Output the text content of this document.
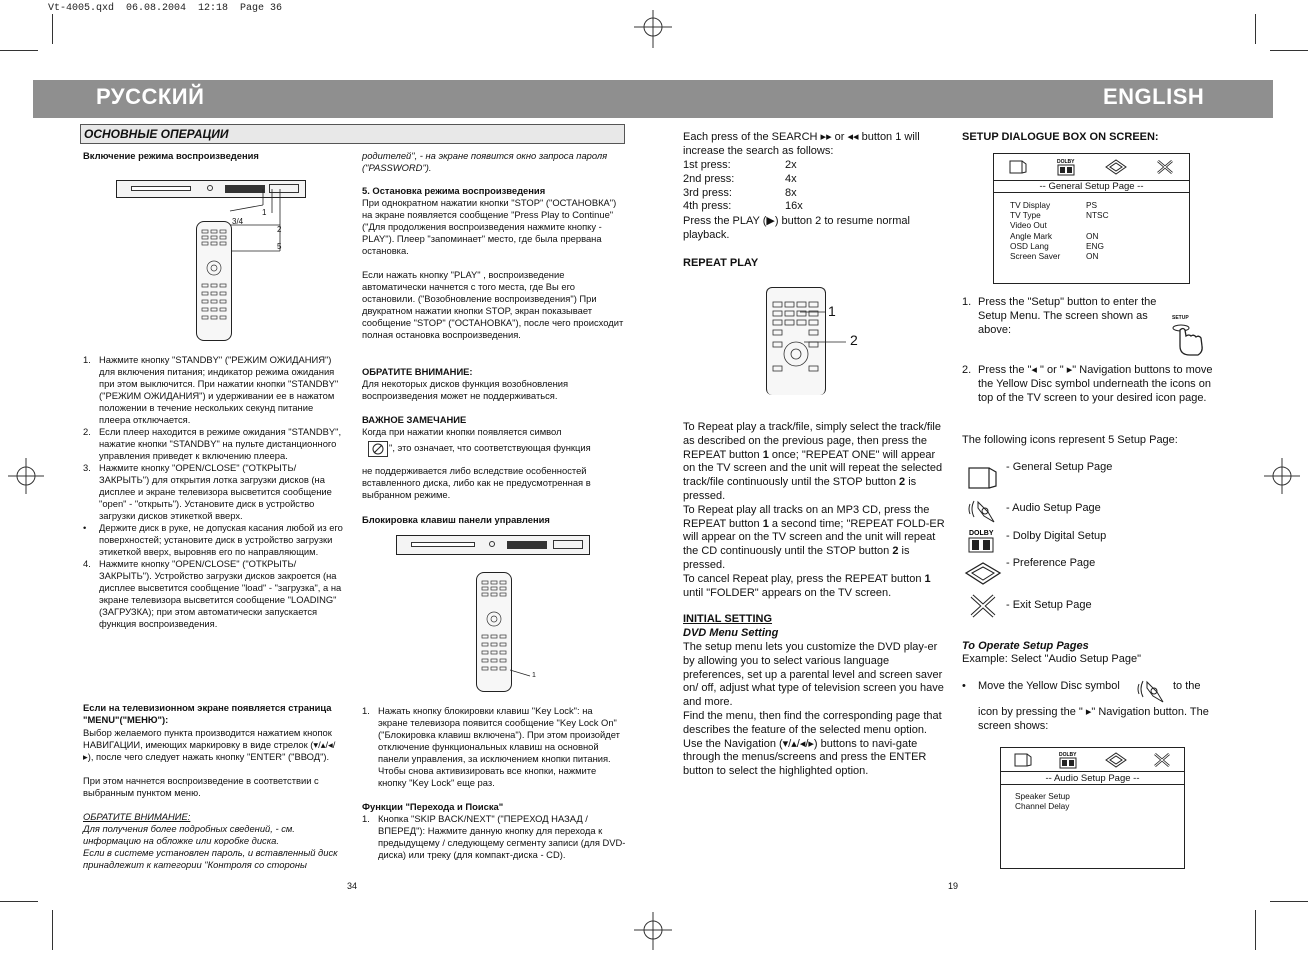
Vt-4005.qxd  06.08.2004  12:18  Page 36
РУССКИЙ	ENGLISH
ОСНОВНЫЕ ОПЕРАЦИИ
Включение режима воспроизведения
3/4
1
2
5
1. Нажмите кнопку "STANDBY" ("РЕЖИМ ОЖИДАНИЯ") для включения питания; индикатор режима ожидания при этом выключится. При нажатии кнопки "STANDBY" ("РЕЖИМ ОЖИДАНИЯ") и удерживании ее в нажатом положении в течение нескольких секунд питание плеера отключается.
2. Если плеер находится в режиме ожидания "STANDBY", нажатие кнопки "STANDBY" на пульте дистанционного управления приведет к включению плеера.
3. Нажмите кнопку "OPEN/CLOSE" ("ОТКРЫТЬ/ЗАКРЫТЬ") для открытия лотка загрузки дисков (на дисплее и экране телевизора высветится сообщение "open" - "открыть"). Установите диск в устройство загрузки дисков этикеткой вверх.
•	Держите диск в руке, не допуская касания любой из его поверхностей; установите диск в устройство загрузки этикеткой вверх, выровняв его по направляющим.
4. Нажмите кнопку "OPEN/CLOSE" ("ОТКРЫТЬ/ЗАКРЫТЬ"). Устройство загрузки дисков закроется (на дисплее высветится сообщение "load" - "загрузка", а на экране телевизора высветится сообщение "LOADING" (ЗАГРУЗКА); при этом автоматически запускается функция воспроизведения.
Если на телевизионном экране появляется страница "MENU"("МЕНЮ"):
Выбор желаемого пункта производится нажатием кнопок НАВИГАЦИИ, имеющих маркировку в виде стрелок (▾/▴/◂/▸), после чего следует нажать кнопку "ENTER" ("ВВОД").
При этом начнется воспроизведение в соответствии с выбранным пунктом меню.
ОБРАТИТЕ ВНИМАНИЕ:
Для получения более подробных сведений, - см. информацию на обложке или коробке диска.
Если в системе установлен пароль, и вставленный диск принадлежит к категории "Контроля со стороны
34
родителей", - на экране появится окно запроса пароля ("PASSWORD").
5. Остановка режима воспроизведения
При однократном нажатии кнопки "STOP" ("ОСТАНОВКА") на экране появляется сообщение "Press Play to Continue" ("Для продолжения воспроизведения нажмите кнопку - PLAY"). Плеер "запоминает" место, где была прервана остановка.
Если нажать кнопку "PLAY" , воспроизведение автоматически начнется с того места, где Вы его остановили. ("Возобновление воспроизведения") При двукратном нажатии кнопки STOP, экран показывает сообщение "STOP" ("ОСТАНОВКА"), после чего происходит полная остановка воспроизведения.
ОБРАТИТЕ ВНИМАНИЕ:
Для некоторых дисков функция возобновления воспроизведения может не поддерживаться.
ВАЖНОЕ ЗАМЕЧАНИЕ
Когда при нажатии кнопки появляется символ
", это означает, что соответствующая функция
не поддерживается либо вследствие особенностей вставленного диска, либо как не предусмотренная в выбранном режиме.
Блокировка клавиш панели управления
1
1. Нажать кнопку блокировки клавиш "Key Lock": на экране телевизора появится сообщение "Key Lock On" ("Блокировка клавиш включена"). При этом произойдет отключение функциональных клавиш на основной панели управления, за исключением кнопки питания. Чтобы снова активизировать все кнопки, нажмите кнопку "Key Lock" еще раз.
Функции "Перехода и Поиска"
1. Кнопка "SKIP BACK/NEXT" ("ПЕРЕХОД НАЗАД / ВПЕРЕД"): Нажмите данную кнопку для перехода к предыдущему / следующему сегменту записи (для DVD-диска) или треку (для компакт-диска - CD).
Each press of the SEARCH ▸▸ or ◂◂ button 1 will
increase the search as follows:
1st press:	2x
2nd press:	4x
3rd press:	8x
4th press:	16x
Press the PLAY (▶) button 2 to resume normal playback.
REPEAT PLAY
1
2

To Repeat play a track/file, simply select the track/file as described on the previous page, then press the REPEAT button 1 once; "REPEAT ONE" will appear on the TV screen and the unit will repeat the selected track/file continuously until the STOP button 2 is pressed.

To Repeat play all tracks on an MP3 CD, press the REPEAT button 1 a second time; "REPEAT FOLD-ER will appear on the TV screen and the unit will repeat the CD continuously until the STOP button 2 is pressed.

To cancel Repeat play, press the REPEAT button 1 until "FOLDER" appears on the TV screen.

INITIAL SETTING
DVD Menu Setting

The setup menu lets you customize the DVD play-er by allowing you to select various language preferences, set up a parental level and screen saver on/ off, adjust what type of television screen you have and more.

Find the menu, then find the corresponding page that describes the feature of the selected menu option.

Use the Navigation (▾/▴/◂/▸) buttons to navi-gate through the menus/screens and press the ENTER button to select the highlighted option.

SETUP DIALOGUE BOX ON SCREEN:
DOLBY
-- General Setup Page --
TV Display	PS
TV Type	NTSC
Video Out
Angle Mark	ON
OSD Lang	ENG
Screen Saver	ON
1. Press the "Setup" button to enter the Setup Menu. The screen shown as above:
SETUP
2. Press the "◂ " or " ▸" Navigation buttons to move the Yellow Disc symbol underneath the icons on top of the TV screen to your desired icon page.
The following icons represent 5 Setup Page:
- General Setup Page
- Audio Setup Page
DOLBY - Dolby Digital Setup
- Preference Page
- Exit Setup Page
To Operate Setup Pages
Example: Select "Audio Setup Page"
• Move the Yellow Disc symbol	to the
icon by pressing the " ▸" Navigation button. The screen shows:
DOLBY
-- Audio Setup Page --
Speaker Setup
Channel Delay
19
